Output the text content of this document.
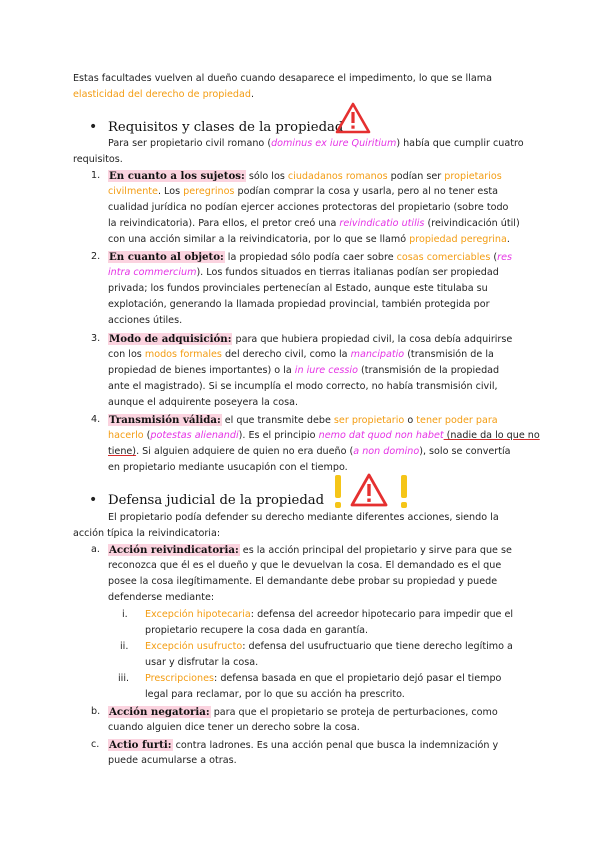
Estas facultades vuelven al dueño cuando desaparece el impedimento, lo que se llama
elasticidad del derecho de propiedad.
• Requisitos y clases de la propiedad
Para ser propietario civil romano (dominus ex iure Quiritium) había que cumplir cuatro
requisitos.
1. En cuanto a los sujetos: sólo los ciudadanos romanos podían ser propietarios
civilmente. Los peregrinos podían comprar la cosa y usarla, pero al no tener esta
cualidad jurídica no podían ejercer acciones protectoras del propietario (sobre todo
la reivindicatoria). Para ellos, el pretor creó una reivindicatio utilis (reivindicación útil)
con una acción similar a la reivindicatoria, por lo que se llamó propiedad peregrina.
2. En cuanto al objeto: la propiedad sólo podía caer sobre cosas comerciables (res
intra commercium). Los fundos situados en tierras italianas podían ser propiedad
privada; los fundos provinciales pertenecían al Estado, aunque este titulaba su
explotación, generando la llamada propiedad provincial, también protegida por
acciones útiles.
3. Modo de adquisición: para que hubiera propiedad civil, la cosa debía adquirirse
con los modos formales del derecho civil, como la mancipatio (transmisión de la
propiedad de bienes importantes) o la in iure cessio (transmisión de la propiedad
ante el magistrado). Si se incumplía el modo correcto, no había transmisión civil,
aunque el adquirente poseyera la cosa.
4. Transmisión válida: el que transmite debe ser propietario o tener poder para
hacerlo (potestas alienandi). Es el principio nemo dat quod non habet (nadie da lo que no
tiene). Si alguien adquiere de quien no era dueño (a non domino), solo se convertía
en propietario mediante usucapión con el tiempo.
• Defensa judicial de la propiedad
El propietario podía defender su derecho mediante diferentes acciones, siendo la
acción típica la reivindicatoria:
a. Acción reivindicatoria: es la acción principal del propietario y sirve para que se
reconozca que él es el dueño y que le devuelvan la cosa. El demandado es el que
posee la cosa ilegítimamente. El demandante debe probar su propiedad y puede
defenderse mediante:
i. Excepción hipotecaria: defensa del acreedor hipotecario para impedir que el
propietario recupere la cosa dada en garantía.
ii. Excepción usufructo: defensa del usufructuario que tiene derecho legítimo a
usar y disfrutar la cosa.
iii. Prescripciones: defensa basada en que el propietario dejó pasar el tiempo
legal para reclamar, por lo que su acción ha prescrito.
b. Acción negatoria: para que el propietario se proteja de perturbaciones, como
cuando alguien dice tener un derecho sobre la cosa.
c. Actio furti: contra ladrones. Es una acción penal que busca la indemnización y
puede acumularse a otras.
